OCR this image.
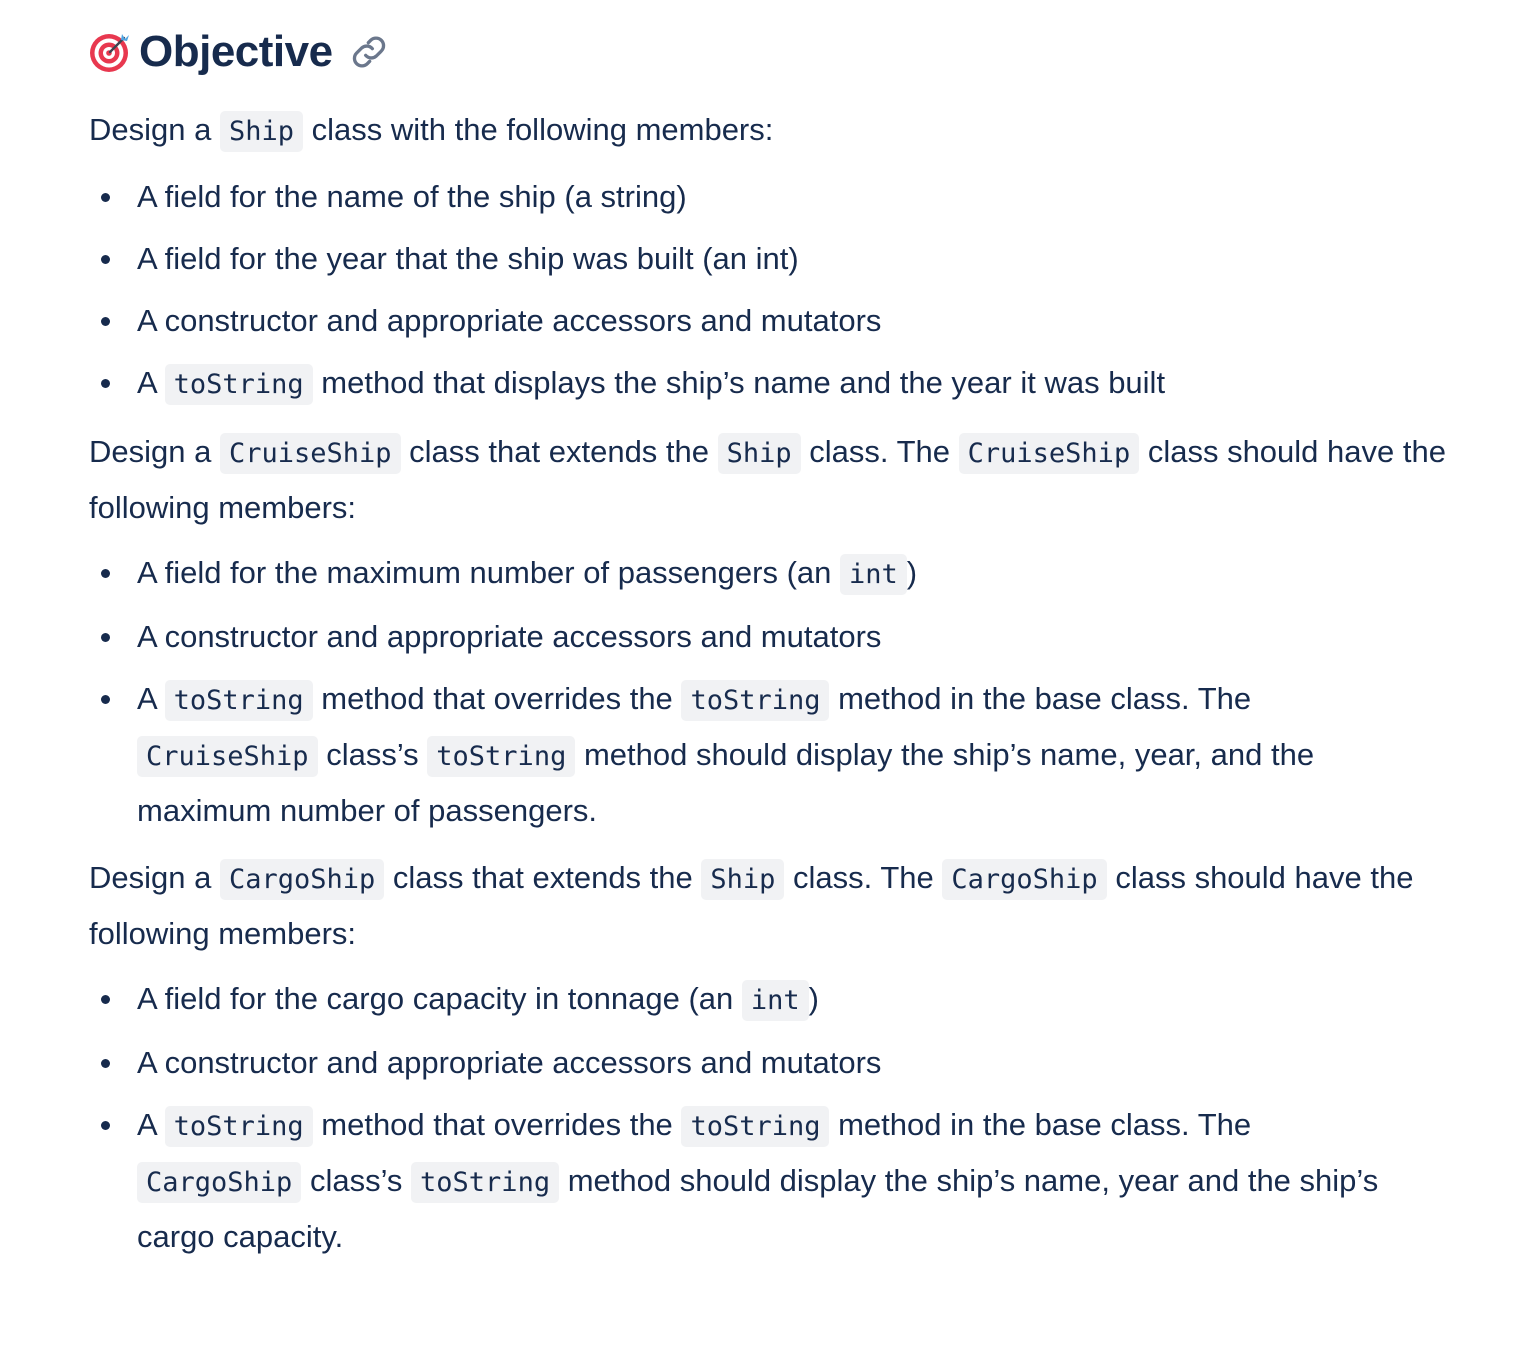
Objective

Design a Ship class with the following members:

A field for the name of the ship (a string)
A field for the year that the ship was built (an int)
A constructor and appropriate accessors and mutators
A toString method that displays the ship’s name and the year it was built

Design a CruiseShip class that extends the Ship class. The CruiseShip class should have the following members:

A field for the maximum number of passengers (an int )
A constructor and appropriate accessors and mutators
A toString method that overrides the toString method in the base class. The
CruiseShip class’s toString method should display the ship’s name, year, and the maximum number of passengers.

Design a CargoShip class that extends the Ship class. The CargoShip class should have the following members:

A field for the cargo capacity in tonnage (an int )
A constructor and appropriate accessors and mutators
A toString method that overrides the toString method in the base class. The
CargoShip class’s toString method should display the ship’s name, year and the ship’s cargo capacity.
